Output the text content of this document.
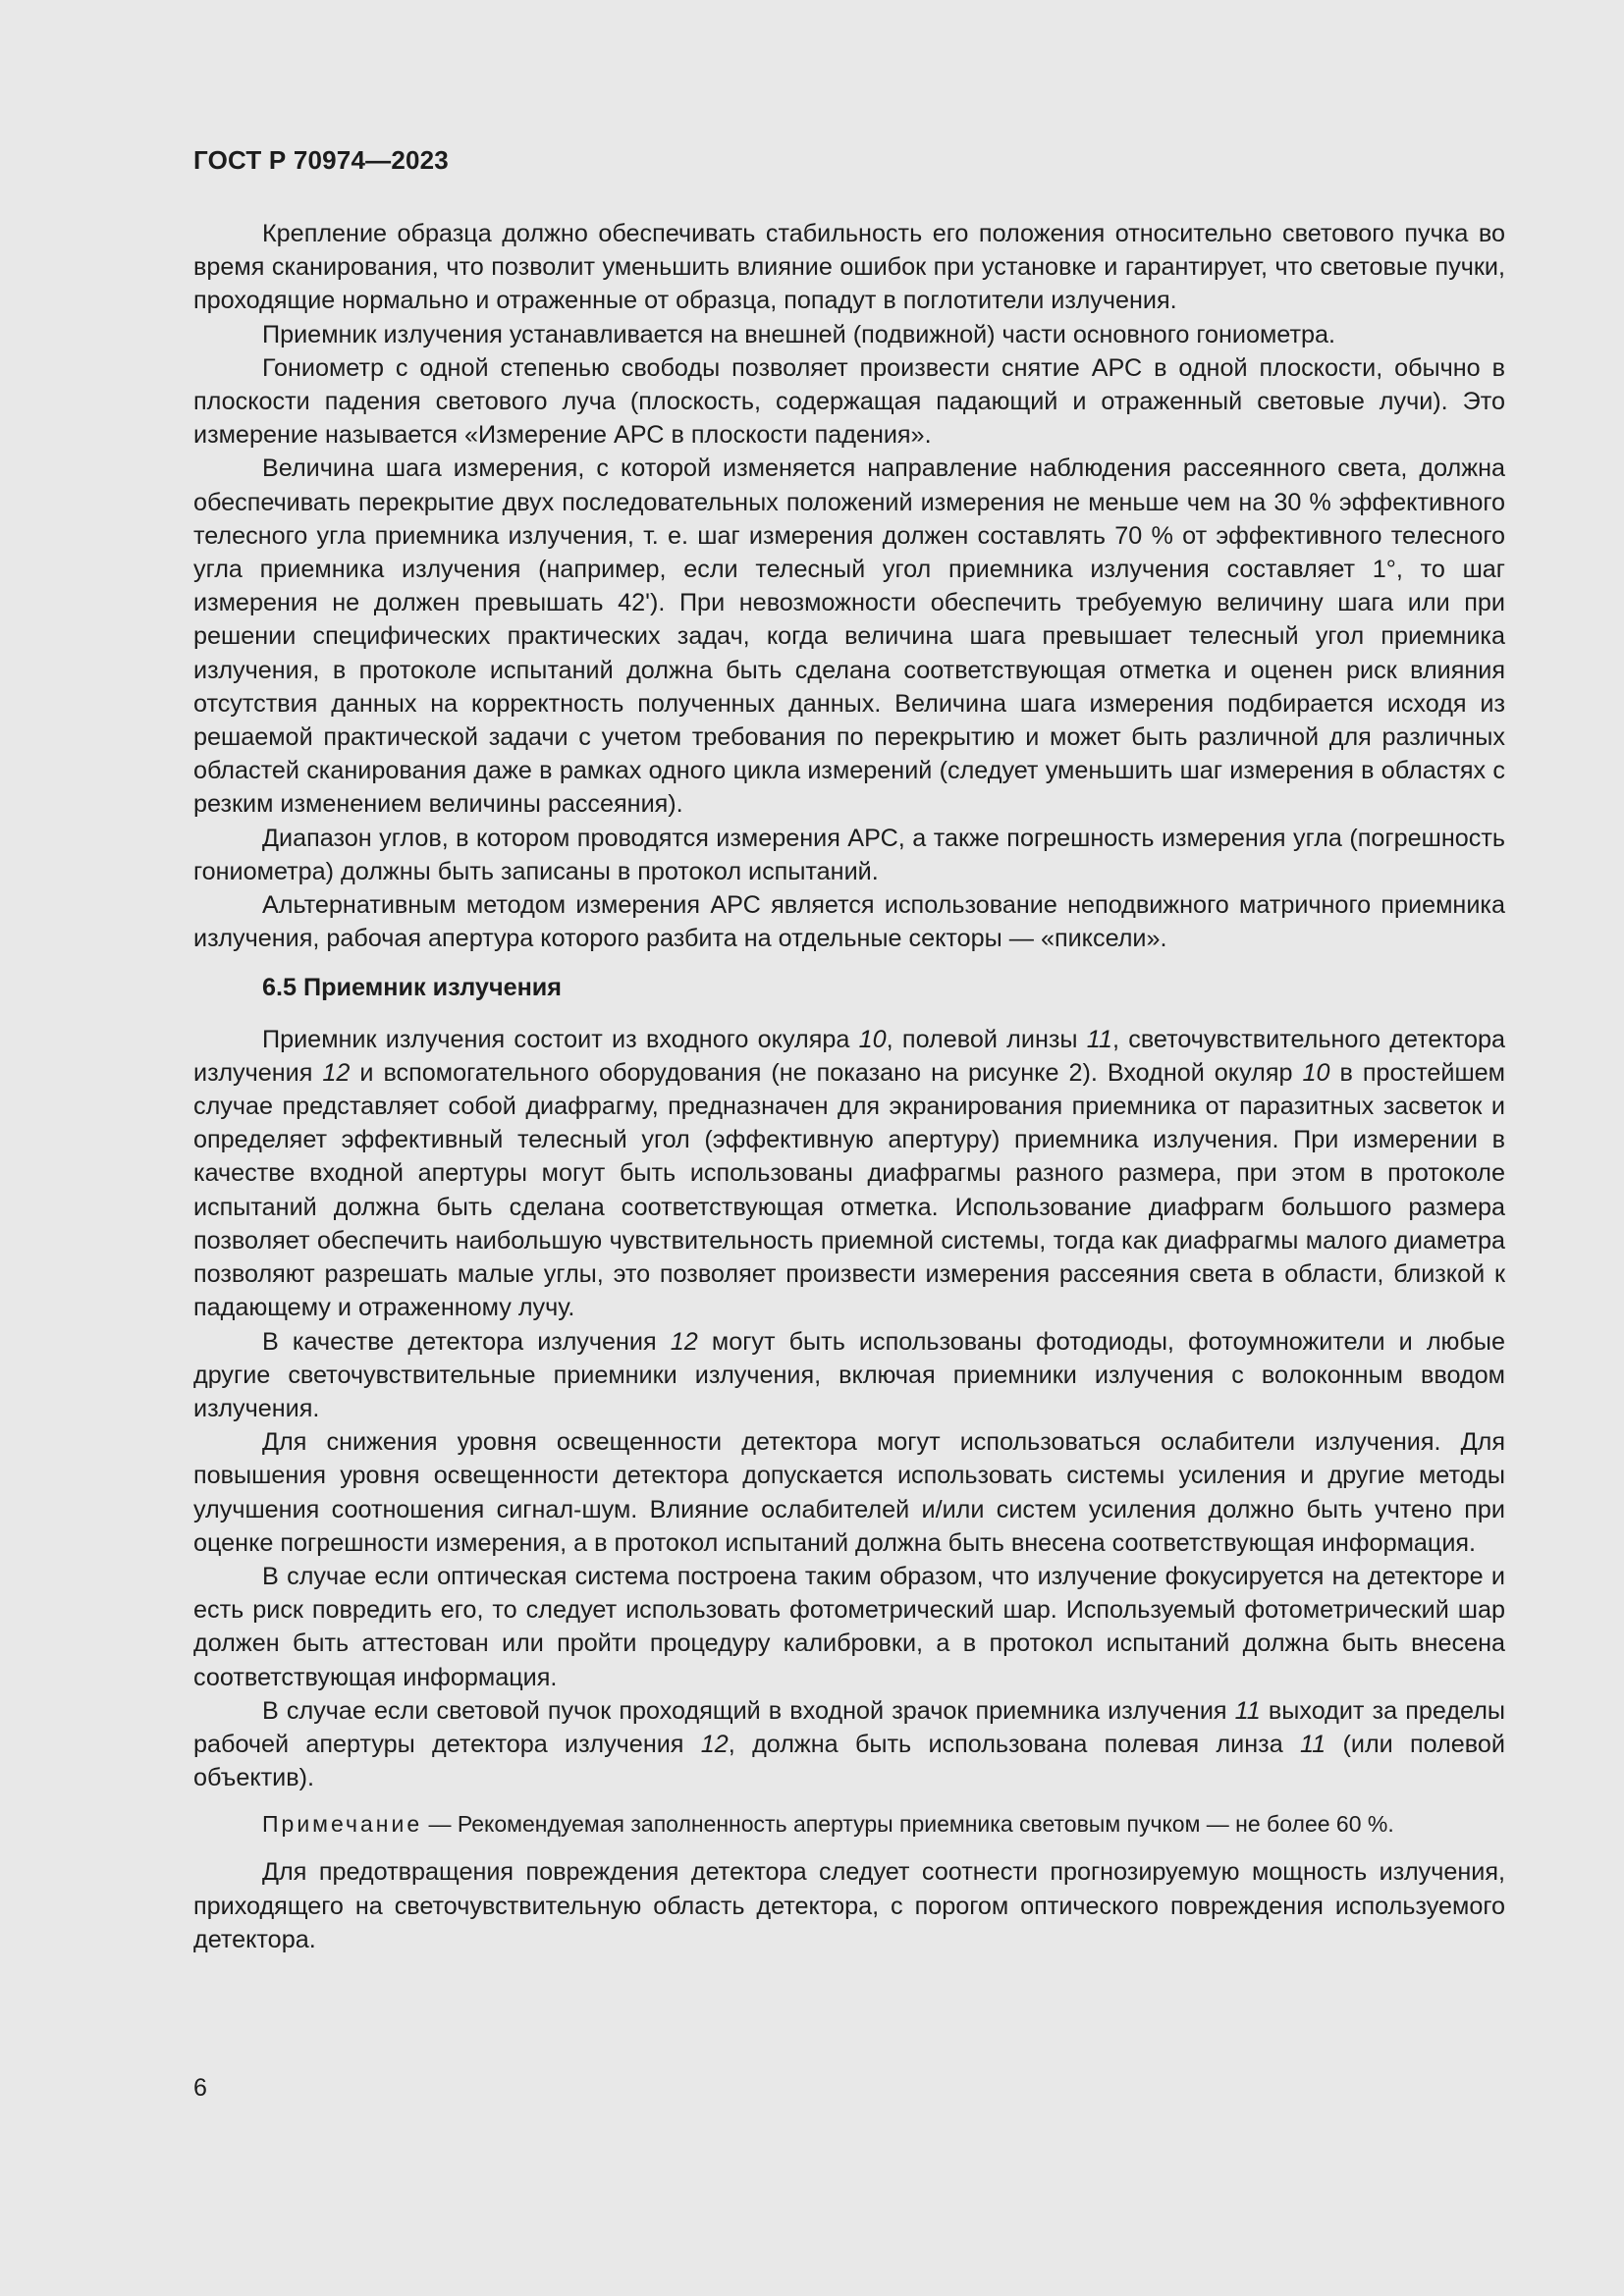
ГОСТ Р 70974—2023

Крепление образца должно обеспечивать стабильность его положения относительно светового пучка во время сканирования, что позволит уменьшить влияние ошибок при установке и гарантирует, что световые пучки, проходящие нормально и отраженные от образца, попадут в поглотители излучения.

Приемник излучения устанавливается на внешней (подвижной) части основного гониометра.

Гониометр с одной степенью свободы позволяет произвести снятие АРС в одной плоскости, обычно в плоскости падения светового луча (плоскость, содержащая падающий и отраженный световые лучи). Это измерение называется «Измерение АРС в плоскости падения».

Величина шага измерения, с которой изменяется направление наблюдения рассеянного света, должна обеспечивать перекрытие двух последовательных положений измерения не меньше чем на 30 % эффективного телесного угла приемника излучения, т. е. шаг измерения должен составлять 70 % от эффективного телесного угла приемника излучения (например, если телесный угол приемника излучения составляет 1°, то шаг измерения не должен превышать 42'). При невозможности обеспечить требуемую величину шага или при решении специфических практических задач, когда величина шага превышает телесный угол приемника излучения, в протоколе испытаний должна быть сделана соответствующая отметка и оценен риск влияния отсутствия данных на корректность полученных данных. Величина шага измерения подбирается исходя из решаемой практической задачи с учетом требования по перекрытию и может быть различной для различных областей сканирования даже в рамках одного цикла измерений (следует уменьшить шаг измерения в областях с резким изменением величины рассеяния).

Диапазон углов, в котором проводятся измерения АРС, а также погрешность измерения угла (погрешность гониометра) должны быть записаны в протокол испытаний.

Альтернативным методом измерения АРС является использование неподвижного матричного приемника излучения, рабочая апертура которого разбита на отдельные секторы — «пиксели».

6.5 Приемник излучения

Приемник излучения состоит из входного окуляра 10, полевой линзы 11, светочувствительного детектора излучения 12 и вспомогательного оборудования (не показано на рисунке 2). Входной окуляр 10 в простейшем случае представляет собой диафрагму, предназначен для экранирования приемника от паразитных засветок и определяет эффективный телесный угол (эффективную апертуру) приемника излучения. При измерении в качестве входной апертуры могут быть использованы диафрагмы разного размера, при этом в протоколе испытаний должна быть сделана соответствующая отметка. Использование диафрагм большого размера позволяет обеспечить наибольшую чувствительность приемной системы, тогда как диафрагмы малого диаметра позволяют разрешать малые углы, это позволяет произвести измерения рассеяния света в области, близкой к падающему и отраженному лучу.

В качестве детектора излучения 12 могут быть использованы фотодиоды, фотоумножители и любые другие светочувствительные приемники излучения, включая приемники излучения с волоконным вводом излучения.

Для снижения уровня освещенности детектора могут использоваться ослабители излучения. Для повышения уровня освещенности детектора допускается использовать системы усиления и другие методы улучшения соотношения сигнал-шум. Влияние ослабителей и/или систем усиления должно быть учтено при оценке погрешности измерения, а в протокол испытаний должна быть внесена соответствующая информация.

В случае если оптическая система построена таким образом, что излучение фокусируется на детекторе и есть риск повредить его, то следует использовать фотометрический шар. Используемый фотометрический шар должен быть аттестован или пройти процедуру калибровки, а в протокол испытаний должна быть внесена соответствующая информация.

В случае если световой пучок проходящий в входной зрачок приемника излучения 11 выходит за пределы рабочей апертуры детектора излучения 12, должна быть использована полевая линза 11 (или полевой объектив).

Примечание — Рекомендуемая заполненность апертуры приемника световым пучком — не более 60 %.

Для предотвращения повреждения детектора следует соотнести прогнозируемую мощность излучения, приходящего на светочувствительную область детектора, с порогом оптического повреждения используемого детектора.

6
